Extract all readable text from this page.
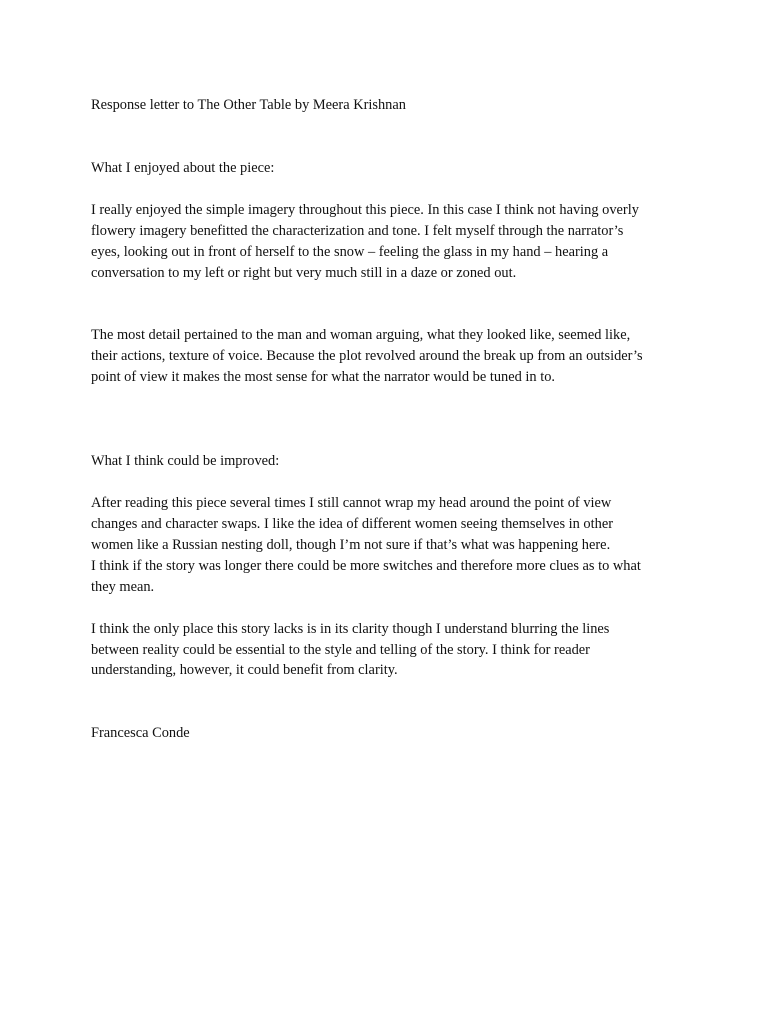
Response letter to The Other Table by Meera Krishnan
What I enjoyed about the piece:
I really enjoyed the simple imagery throughout this piece. In this case I think not having overly
flowery imagery benefitted the characterization and tone. I felt myself through the narrator’s
eyes, looking out in front of herself to the snow – feeling the glass in my hand – hearing a
conversation to my left or right but very much still in a daze or zoned out.
The most detail pertained to the man and woman arguing, what they looked like, seemed like,
their actions, texture of voice. Because the plot revolved around the break up from an outsider’s
point of view it makes the most sense for what the narrator would be tuned in to.
What I think could be improved:
After reading this piece several times I still cannot wrap my head around the point of view
changes and character swaps. I like the idea of different women seeing themselves in other
women like a Russian nesting doll, though I’m not sure if that’s what was happening here.
I think if the story was longer there could be more switches and therefore more clues as to what
they mean.
I think the only place this story lacks is in its clarity though I understand blurring the lines
between reality could be essential to the style and telling of the story. I think for reader
understanding, however, it could benefit from clarity.
Francesca Conde
